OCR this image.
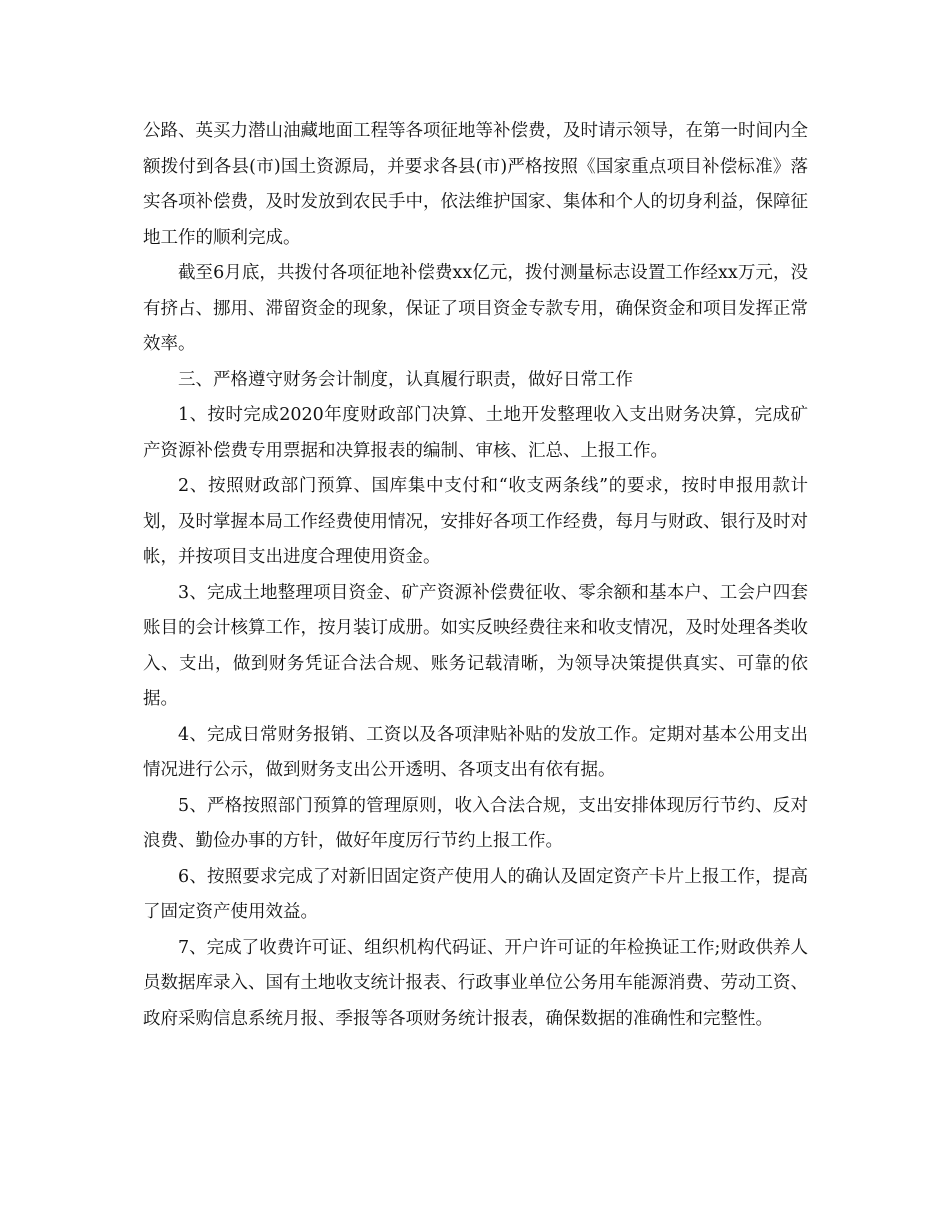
公路、英买力潜山油藏地面工程等各项征地等补偿费，及时请示领导，在第一时间内全额拨付到各县(市)国土资源局，并要求各县(市)严格按照《国家重点项目补偿标准》落实各项补偿费，及时发放到农民手中，依法维护国家、集体和个人的切身利益，保障征地工作的顺利完成。

截至6月底，共拨付各项征地补偿费xx亿元，拨付测量标志设置工作经xx万元，没有挤占、挪用、滞留资金的现象，保证了项目资金专款专用，确保资金和项目发挥正常效率。

三、严格遵守财务会计制度，认真履行职责，做好日常工作

1、按时完成2020年度财政部门决算、土地开发整理收入支出财务决算，完成矿产资源补偿费专用票据和决算报表的编制、审核、汇总、上报工作。

2、按照财政部门预算、国库集中支付和“收支两条线”的要求，按时申报用款计划，及时掌握本局工作经费使用情况，安排好各项工作经费，每月与财政、银行及时对帐，并按项目支出进度合理使用资金。

3、完成土地整理项目资金、矿产资源补偿费征收、零余额和基本户、工会户四套账目的会计核算工作，按月装订成册。如实反映经费往来和收支情况，及时处理各类收入、支出，做到财务凭证合法合规、账务记载清晰，为领导决策提供真实、可靠的依据。

4、完成日常财务报销、工资以及各项津贴补贴的发放工作。定期对基本公用支出情况进行公示，做到财务支出公开透明、各项支出有依有据。

5、严格按照部门预算的管理原则，收入合法合规，支出安排体现厉行节约、反对浪费、勤俭办事的方针，做好年度厉行节约上报工作。

6、按照要求完成了对新旧固定资产使用人的确认及固定资产卡片上报工作，提高了固定资产使用效益。

7、完成了收费许可证、组织机构代码证、开户许可证的年检换证工作;财政供养人员数据库录入、国有土地收支统计报表、行政事业单位公务用车能源消费、劳动工资、政府采购信息系统月报、季报等各项财务统计报表，确保数据的准确性和完整性。
